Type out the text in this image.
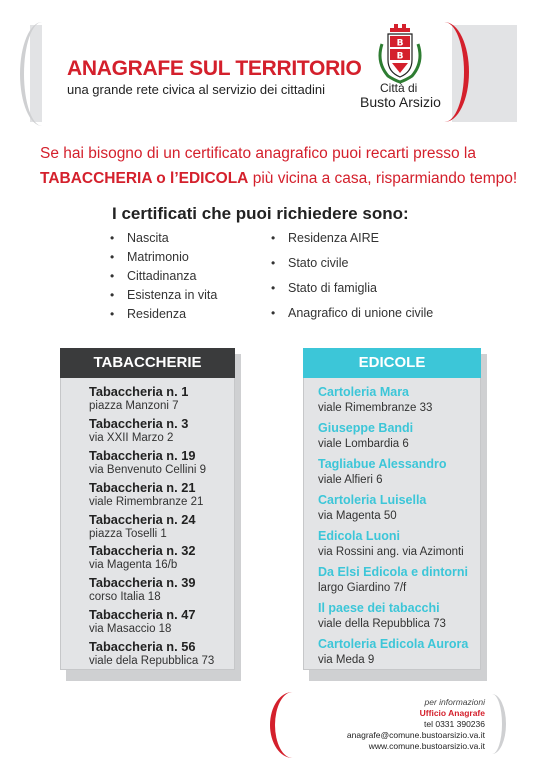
ANAGRAFE SUL TERRITORIO
una grande rete civica al servizio dei cittadini
B
B
Città di
Busto Arsizio
Se hai bisogno di un certificato anagrafico puoi recarti presso la
TABACCHERIA o l’EDICOLA più vicina a casa, risparmiando tempo!
I certificati che puoi richiedere sono:
• Nascita
• Matrimonio
• Cittadinanza
• Esistenza in vita
• Residenza
• Residenza AIRE
• Stato civile
• Stato di famiglia
• Anagrafico di unione civile
TABACCHERIE
Tabaccheria n. 1
piazza Manzoni 7
Tabaccheria n. 3
via XXII Marzo 2
Tabaccheria n. 19
via Benvenuto Cellini 9
Tabaccheria n. 21
viale Rimembranze 21
Tabaccheria n. 24
piazza Toselli 1
Tabaccheria n. 32
via Magenta 16/b
Tabaccheria n. 39
corso Italia 18
Tabaccheria n. 47
via Masaccio 18
Tabaccheria n. 56
viale dela Repubblica 73
EDICOLE
Cartoleria Mara
viale Rimembranze 33
Giuseppe Bandi
viale Lombardia 6
Tagliabue Alessandro
viale Alfieri 6
Cartoleria Luisella
via Magenta 50
Edicola Luoni
via Rossini ang. via Azimonti
Da Elsi Edicola e dintorni
largo Giardino 7/f
Il paese dei tabacchi
viale della Repubblica 73
Cartoleria Edicola Aurora
via Meda 9
per informazioni
Ufficio Anagrafe
tel 0331 390236
anagrafe@comune.bustoarsizio.va.it
www.comune.bustoarsizio.va.it
